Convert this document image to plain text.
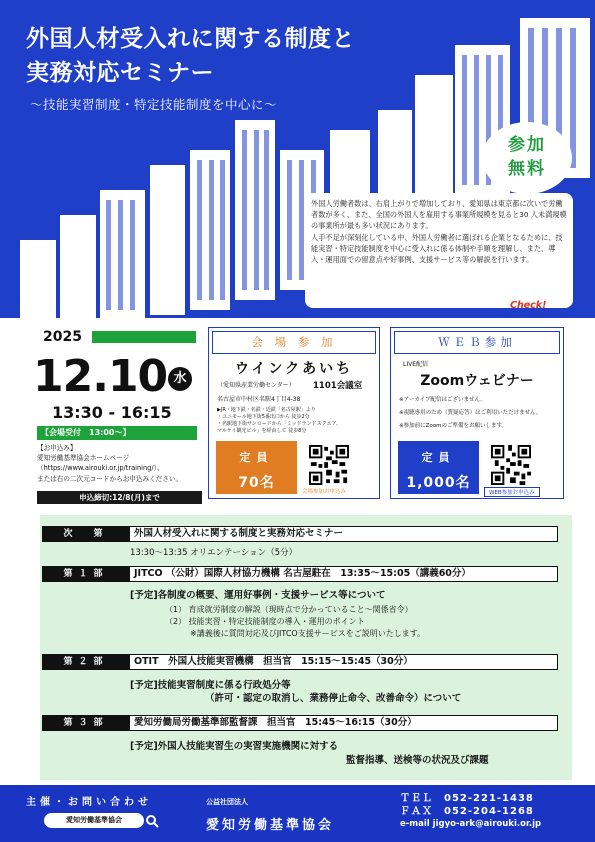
外国人材受入れに関する制度と
実務対応セミナー
～技能実習制度・特定技能制度を中心に～
参加
無料

外国人労働者数は、右肩上がりで増加しており、愛知県は東京都に次いで労働者数が多く、また、全国の外国人を雇用する事業所規模を見ると30 人未満規模の事業所が最も多い状況にあります。

人手不足が深刻化している中、外国人労働者に選ばれる企業となるために、技能実習・特定技能制度を中心に受入れに係る体制や手順を理解し、また、導入・運用面での留意点や好事例、支援サービス等の解説を行います。

Check!
2025
12.10 水
13:30 - 16:15
【会場受付　13:00～】
【お申込み】
愛知労働基準協会ホームページ
（https://www.airouki.or.jp/training/）、
または右の二次元コードからお申込みください。
申込締切:12/8(月)まで
会 場 参 加
ウインクあいち
（愛知県産業労働センター）	1101会議室
名古屋市中村区名駅4丁目4-38
▶JR・地下鉄・名鉄・近鉄「名古屋駅」より
・ユニモール地下街5番出口から 徒歩2分
・名駅地下街サンロードから「ミッドランドスクエア、
マルケイ観光ビル」を経由して 徒歩8分
定員
70名
会場参加お申込み
ＷＥＢ参加
LIVE配信
Zoomウェビナー
※アーカイブ配信はございません。
※視聴専用のため（質疑応答）はご利用いただけません。
※参加前にZoomのご準備をお願いします。
定員
1,000名
WEB参加お申込み
次　第	外国人材受入れに関する制度と実務対応セミナー
13:30～13:35 オリエンテーション（5分）
第１部	JITCO （公財）国際人材協力機構 名古屋駐在　13:35～15:05（講義60分）
[予定]各制度の概要、運用好事例・支援サービス等について
（1） 育成就労制度の解説（現時点で分かっていること～関係省令）
（2） 技能実習・特定技能制度の導入・運用のポイント
※講義後に質問対応及びJITCO支援サービスをご説明いたします。
第２部	OTIT　外国人技能実習機構　担当官　15:15～15:45（30分）
[予定]技能実習制度に係る行政処分等
（許可・認定の取消し、業務停止命令、改善命令）について
第３部	愛知労働局労働基準部監督課　担当官　15:45～16:15（30分）
[予定]外国人技能実習生の実習実施機関に対する
監督指導、送検等の状況及び課題
主催・お問い合わせ
愛知労働基準協会
公益社団法人
愛知労働基準協会
ＴＥＬ　052-221-1438
ＦＡＸ　052-204-1268
e-mail jigyo-ark@airouki.or.jp
